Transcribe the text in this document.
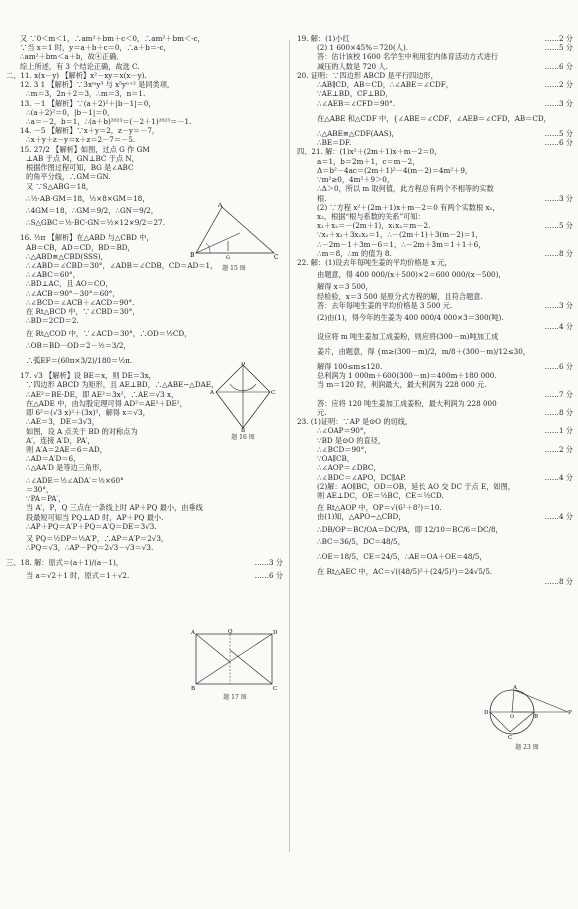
又 ∵0＜m＜1，∴am²＋bm＋c＜0，∴am²＋bm＜-c，
∵当 x＝1 时，y＝a＋b＋c＝0，∴a＋b＝-c，
∴am²＋bm＜a＋b，故④正确．
综上所述，有 3 个结论正确，故选 C.
二、11. x(x－y) 【解析】x²－xy＝x(x－y).
12. 3 1 【解析】∵3xᵐy³ 与 x⁵yⁿ⁺² 是同类项，
∴m＝3，2n＋2＝3，∴m＝3，n＝1.
13. －1 【解析】∵(a＋2)²＋|b－1|＝0，
∴(a＋2)²＝0，|b－1|＝0，
∴a＝－2，b＝1，∴(a＋b)²⁰²³＝(－2＋1)²⁰²³＝－1.
14. －5 【解析】∵x＋y＝2，z－y＝－7，
∴x＋y＋z－y＝x＋z＝2－7＝－5.
15. 27/2 【解析】如图，过点 G 作 GM
⊥AB 于点 M，GN⊥BC 于点 N，
根据作图过程可知，BG 是∠ABC
的角平分线，∴GM＝GN.
又 ∵S△ABG＝18，
∴½·AB·GM＝18，½×8×GM＝18，
∴4GM＝18，∴GM＝9/2，∴GN＝9/2，
∴S△GBC＝½·BC·GN＝½×12×9/2＝27.
16. ½π 【解析】在△ABD 与△CBD 中，
AB＝CB，AD＝CD，BD＝BD，
∴△ABD≌△CBD(SSS)，
∴∠ABD＝∠CBD＝30°，∠ADB＝∠CDB，CD＝AD＝1，
∴∠ABC＝60°，
∴BD⊥AC，且 AO＝CO，
∴∠ACB＝90°－30°＝60°，
∴∠BCD＝∠ACB＋∠ACD＝90°.
在 Rt△BCD 中，∵∠CBD＝30°，
∴BD＝2CD＝2.
在 Rt△COD 中，∵∠ACD＝30°，∴OD＝½CD，
∴OB＝BD－OD＝2－½＝3/2，
∴弧EF＝(60π×3/2)/180＝½π.
17. √3 【解析】设 BE＝x，则 DE＝3x，
∵四边形 ABCD 为矩形，且 AE⊥BD，∴△ABE∽△DAE，
∴AE²＝BE·DE，即 AE²＝3x²，∴AE＝√3 x，
在△ADE 中，由勾股定理可得 AD²＝AE²＋DE²，
即 6²＝(√3 x)²＋(3x)²，解得 x＝√3，
∴AE＝3，DE＝3√3，
如图，设 A 点关于 BD 的对称点为
A′，连接 A′D，PA′，
则 A′A＝2AE＝6＝AD，
∴AD＝A′D＝6，
∴△AA′D 是等边三角形，
∴∠ADE＝½∠ADA′＝½×60°
＝30°，
∵PA＝PA′，
当 A′，P，Q 三点在一条线上时 AP＋PQ 最小，由垂线
段最短可知当 PQ⊥AD 时，AP＋PQ 最小.
∴AP＋PQ＝A′P＋PQ＝A′Q＝DE＝3√3.
又 PQ＝½DP＝½A′P，∴AP＝A′P＝2√3，
∴PQ＝√3，∴AP－PQ＝2√3－√3＝√3.
三、18. 解：原式＝(a＋1)/(a－1)，	……3 分
当 a＝√2＋1 时，原式＝1＋√2.	……6 分
19. 解：(1)小红	……2 分
(2) 1 600×45%＝720(人).	……5 分
答：估计该校 1600 名学生中利用室内体育活动方式进行
减压的人数是 720 人.	……6 分
20. 证明：∵四边形 ABCD 是平行四边形，
∴AB∥CD，AB＝CD，∴∠ABE＝∠CDF，	……2 分
∵AE⊥BD，CF⊥BD，
∴∠AEB＝∠CFD＝90°.	……3 分
在△ABE 和△CDF 中，{∠ABE＝∠CDF，∠AEB＝∠CFD，AB＝CD，
∴△ABE≌△CDF(AAS)，	……5 分
∴BE＝DF.	……6 分
四、21. 解：(1)x²＋(2m＋1)x＋m－2＝0，
a＝1，b＝2m＋1，c＝m－2，
Δ＝b²－4ac＝(2m＋1)²－4(m－2)＝4m²＋9，
∵m²≥0，4m²＋9＞0，
∴Δ＞0，所以 m 取何值，此方程总有两个不相等的实数
根.	……3 分
(2) ∵方程 x²＋(2m＋1)x＋m－2＝0 有两个实数根 x₁，
x₂，根据“根与系数的关系”可知：
x₁＋x₂＝－(2m＋1)，x₁x₂＝m－2.	……5 分
∵x₁＋x₂＋3x₁x₂＝1，∴－(2m＋1)＋3(m－2)＝1，
∴－2m－1＋3m－6＝1，∴－2m＋3m＝1＋1＋6，
∴m＝8，∴m 的值为 8.	……8 分
22. 解：(1)设去年每吨生姜的平均价格是 x 元，
由题意，得 400 000/(x＋500)×2＝600 000/(x－500)，
解得 x＝3 500，
经检验，x＝3 500 是原分式方程的解，且符合题意.
答：去年每吨生姜的平均价格是 3 500 元.	……3 分
(2)由(1)，得今年的生姜为 400 000/4 000×3＝300(吨).
……4 分
设应将 m 吨生姜加工成姜粉，则应将(300－m)吨加工成
姜片，由题意，得 {m≥(300－m)/2，m/8＋(300－m)/12≤30，
解得 100≤m≤120.	……6 分
总利润为 1 000m＋600(300－m)＝400m＋180 000.
当 m＝120 时，利润最大，最大利润为 228 000 元.
……7 分
答：应将 120 吨生姜加工成姜粉，最大利润为 228 000
元.	……8 分
23. (1)证明：∵AP 是⊙O 的切线，
∴∠OAP＝90°，	……1 分
∵BD 是⊙O 的直径，
∴∠BCD＝90°，	……2 分
∵OA∥CB，
∴∠AOP＝∠DBC，
∴∠BDC＝∠APO，DC∥AP.	……4 分
(2)解：AO∥BC，OD＝OB，延长 AO 交 DC 于点 E，如图，
则 AE⊥DC，OE＝½BC，CE＝½CD.
在 Rt△AOP 中，OP＝√(6²＋8²)＝10.
由(1)知，△APO∽△CBD，	……4 分
∴DB/OP＝BC/OA＝DC/PA，即 12/10＝BC/6＝DC/8，
∴BC＝36/5，DC＝48/5，
∴OE＝18/5，CE＝24/5，∴AE＝OA＋OE＝48/5，
在 Rt△AEC 中，AC＝√((48/5)²＋(24/5)²)＝24√5/5.
……8 分
A
B	C
G
题 15 图
D
A	C
B
题 16 图
A	Q	D
B	C
题 17 图
A
D	P
O
C
B
题 23 图
